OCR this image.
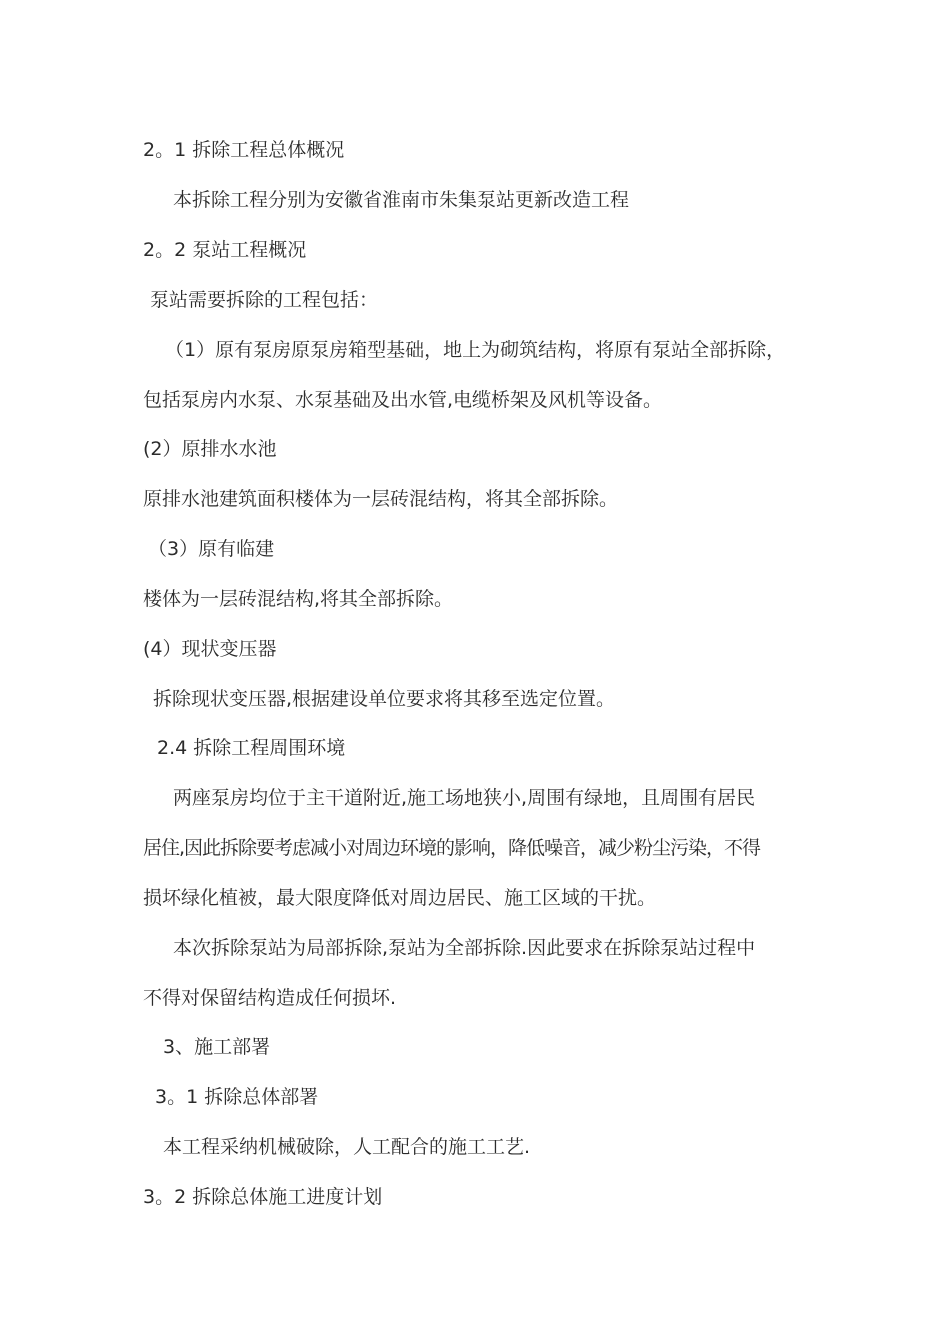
2。1 拆除工程总体概况
本拆除工程分别为安徽省淮南市朱集泵站更新改造工程
2。2 泵站工程概况
泵站需要拆除的工程包括：
（1）原有泵房原泵房箱型基础，地上为砌筑结构，将原有泵站全部拆除，
包括泵房内水泵、水泵基础及出水管,电缆桥架及风机等设备。
(2）原排水水池
原排水池建筑面积楼体为一层砖混结构，将其全部拆除。
（3）原有临建
楼体为一层砖混结构,将其全部拆除。
(4）现状变压器
拆除现状变压器,根据建设单位要求将其移至选定位置。
2.4 拆除工程周围环境
两座泵房均位于主干道附近,施工场地狭小,周围有绿地，且周围有居民
居住,因此拆除要考虑减小对周边环境的影响，降低噪音，减少粉尘污染，不得
损坏绿化植被，最大限度降低对周边居民、施工区域的干扰。
本次拆除泵站为局部拆除,泵站为全部拆除.因此要求在拆除泵站过程中
不得对保留结构造成任何损坏.
3、施工部署
3。1 拆除总体部署
本工程采纳机械破除，人工配合的施工工艺.
3。2 拆除总体施工进度计划
